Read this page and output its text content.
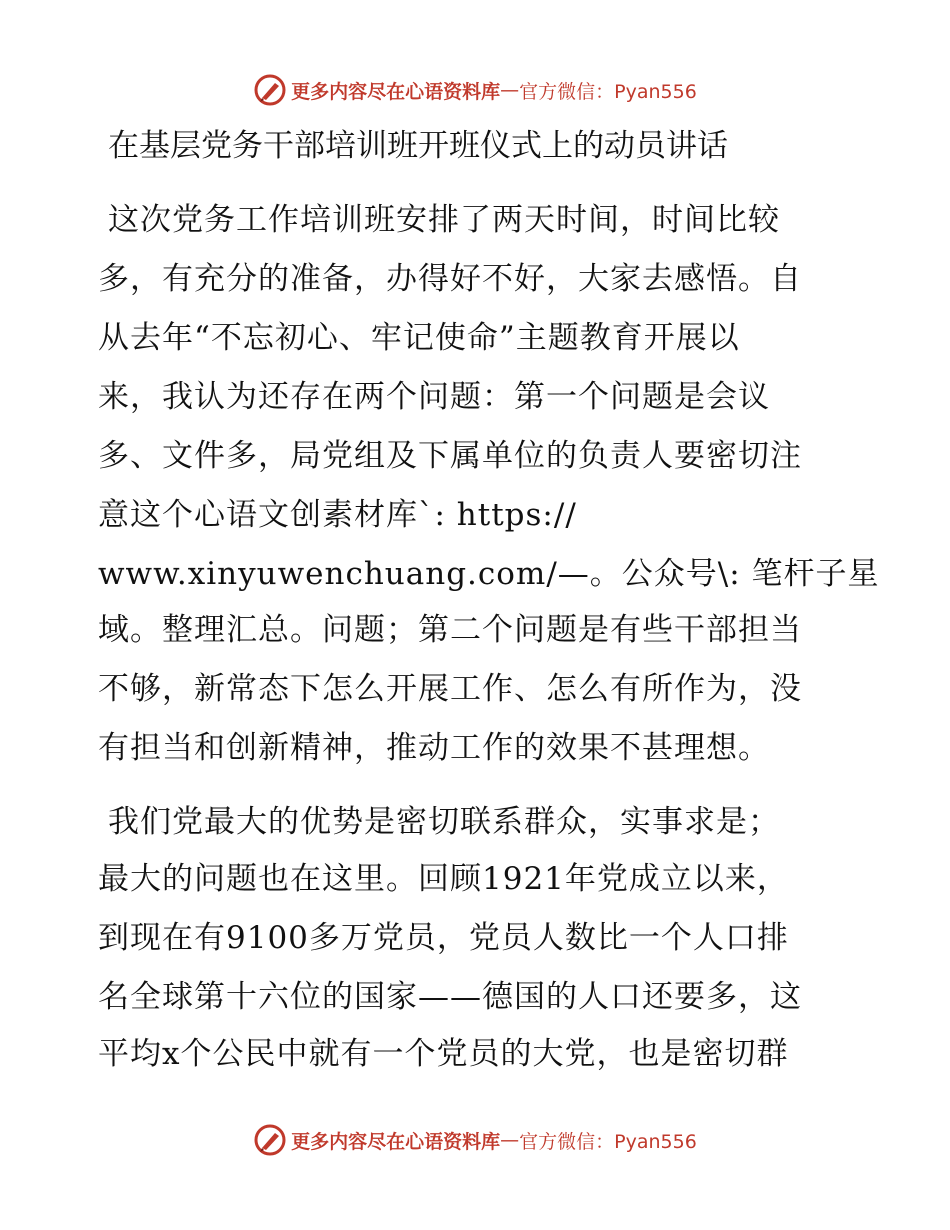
更多内容尽在心语资料库 — 官方微信：Pyan556
在基层党务干部培训班开班仪式上的动员讲话
这次党务工作培训班安排了两天时间，时间比较
多，有充分的准备，办得好不好，大家去感悟。自
从去年“不忘初心、牢记使命”主题教育开展以
来，我认为还存在两个问题：第一个问题是会议
多、文件多，局党组及下属单位的负责人要密切注
意这个心语文创素材库`: https://
www.xinyuwenchuang.com/—。公众号\: 笔杆子星
域。整理汇总。问题；第二个问题是有些干部担当
不够，新常态下怎么开展工作、怎么有所作为，没
有担当和创新精神，推动工作的效果不甚理想。
我们党最大的优势是密切联系群众，实事求是；
最大的问题也在这里。回顾1921年党成立以来，
到现在有9100多万党员，党员人数比一个人口排
名全球第十六位的国家——德国的人口还要多，这
平均x个公民中就有一个党员的大党，也是密切群
更多内容尽在心语资料库 — 官方微信：Pyan556
